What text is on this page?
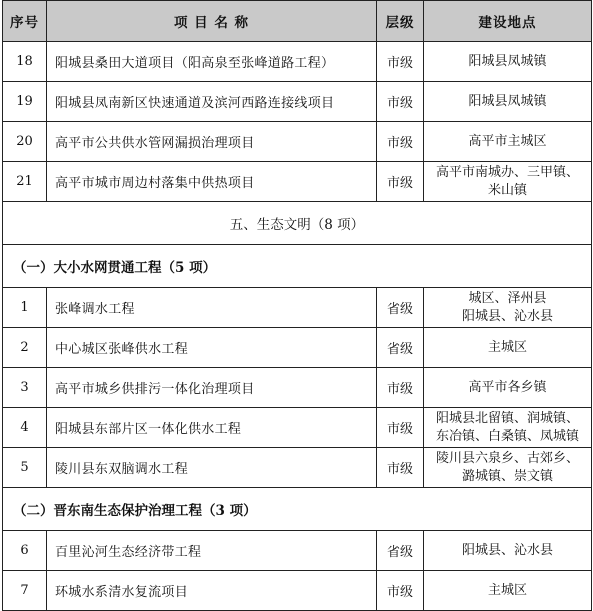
序号	项 目 名 称	层级	建设地点
18	阳城县桑田大道项目（阳高泉至张峰道路工程）	市级	阳城县凤城镇

19	阳城县凤南新区快速通道及滨河西路连接线项目	市级	阳城县凤城镇

20	高平市公共供水管网漏损治理项目	市级	高平市主城区

21	高平市城市周边村落集中供热项目	市级	高平市南城办、三甲镇、
米山镇

五、生态文明（8 项）			
（一）大小水网贯通工程（5 项）			
1	张峰调水工程	省级	城区、泽州县
阳城县、沁水县

2	中心城区张峰供水工程	省级	主城区

3	高平市城乡供排污一体化治理项目	市级	高平市各乡镇

4	阳城县东部片区一体化供水工程	市级	阳城县北留镇、润城镇、
东冶镇、白桑镇、凤城镇

5	陵川县东双脑调水工程	市级	陵川县六泉乡、古郊乡、
潞城镇、崇文镇

（二）晋东南生态保护治理工程（3 项）			
6	百里沁河生态经济带工程	省级	阳城县、沁水县

7	环城水系清水复流项目	市级	主城区
